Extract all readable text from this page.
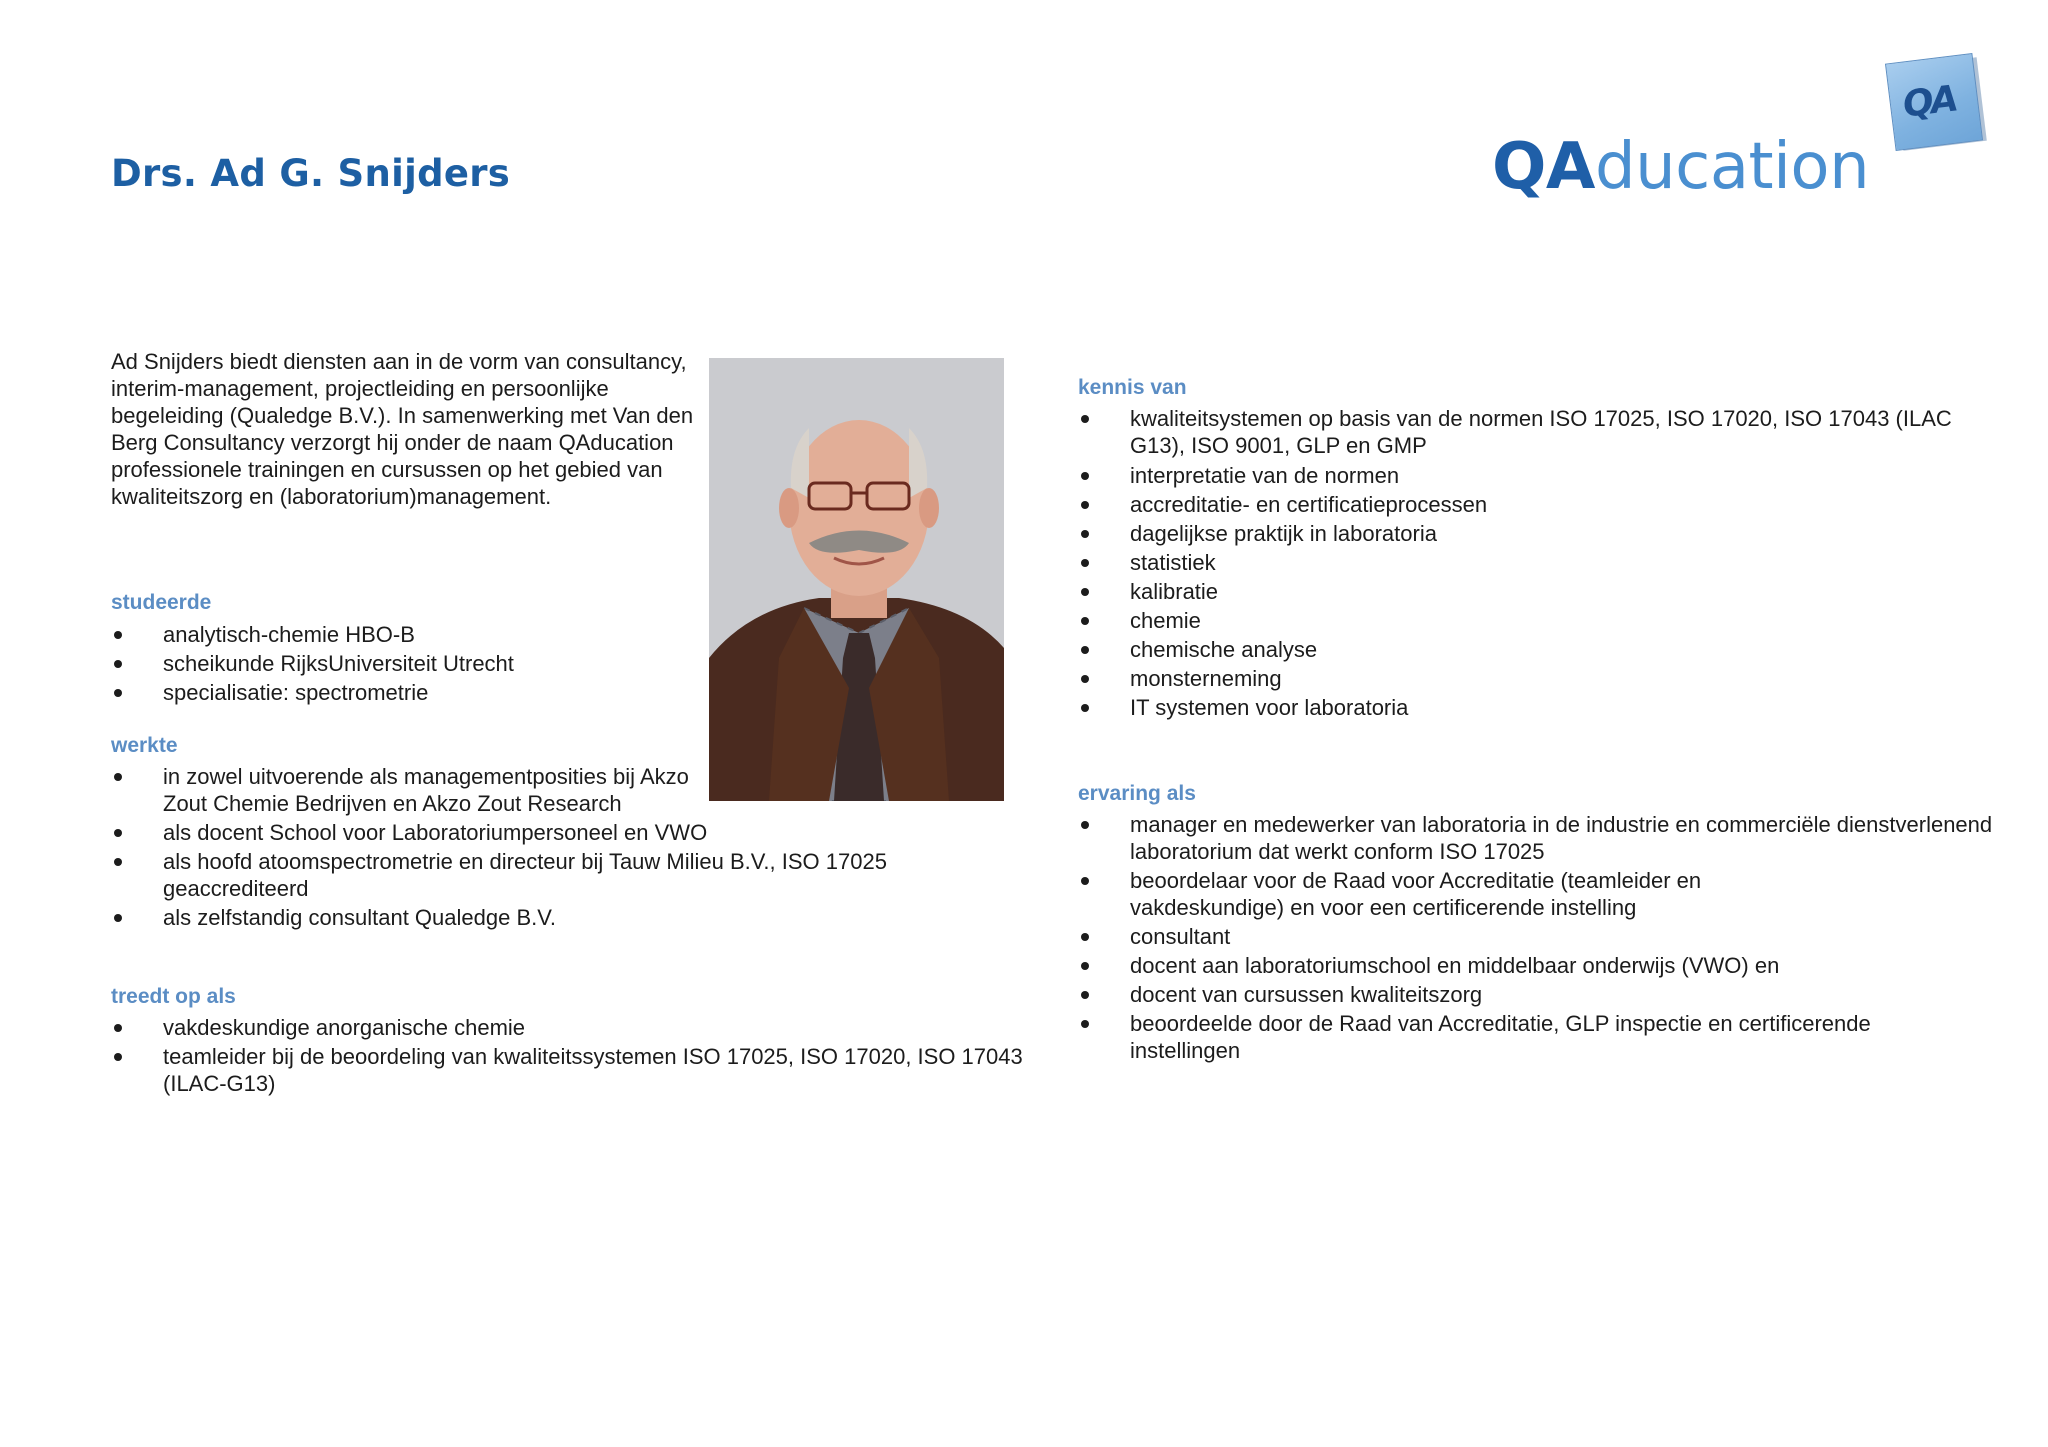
Drs. Ad G. Snijders
QA
QAducation

Ad Snijders biedt diensten aan in de vorm van consultancy, interim-management, projectleiding en persoonlijke begeleiding (Qualedge B.V.). In samenwerking met Van den Berg Consultancy verzorgt hij onder de naam QAducation professionele trainingen en cursussen op het gebied van kwaliteitszorg en (laboratorium)management.

studeerde
analytisch-chemie HBO-B
scheikunde RijksUniversiteit Utrecht
specialisatie: spectrometrie
werkte
in zowel uitvoerende als managementposities bij Akzo Zout Chemie Bedrijven en Akzo Zout Research
als docent School voor Laboratoriumpersoneel en VWO
als hoofd atoomspectrometrie en directeur bij Tauw Milieu B.V., ISO 17025 geaccrediteerd
als zelfstandig consultant Qualedge B.V.
treedt op als
vakdeskundige anorganische chemie
teamleider bij de beoordeling van kwaliteitssystemen ISO 17025, ISO 17020, ISO 17043 (ILAC-G13)
kennis van
kwaliteitsystemen op basis van de normen ISO 17025, ISO 17020, ISO 17043 (ILAC G13), ISO 9001, GLP en GMP
interpretatie van de normen
accreditatie- en certificatieprocessen
dagelijkse praktijk in laboratoria
statistiek
kalibratie
chemie
chemische analyse
monsterneming
IT systemen voor laboratoria
ervaring als
manager en medewerker van laboratoria in de industrie en commerciële dienstverlenend laboratorium dat werkt conform ISO 17025
beoordelaar voor de Raad voor Accreditatie (teamleider en vakdeskundige) en voor een certificerende instelling
consultant
docent aan laboratoriumschool en middelbaar onderwijs (VWO) en
docent van cursussen kwaliteitszorg
beoordeelde door de Raad van Accreditatie, GLP inspectie en certificerende instellingen
